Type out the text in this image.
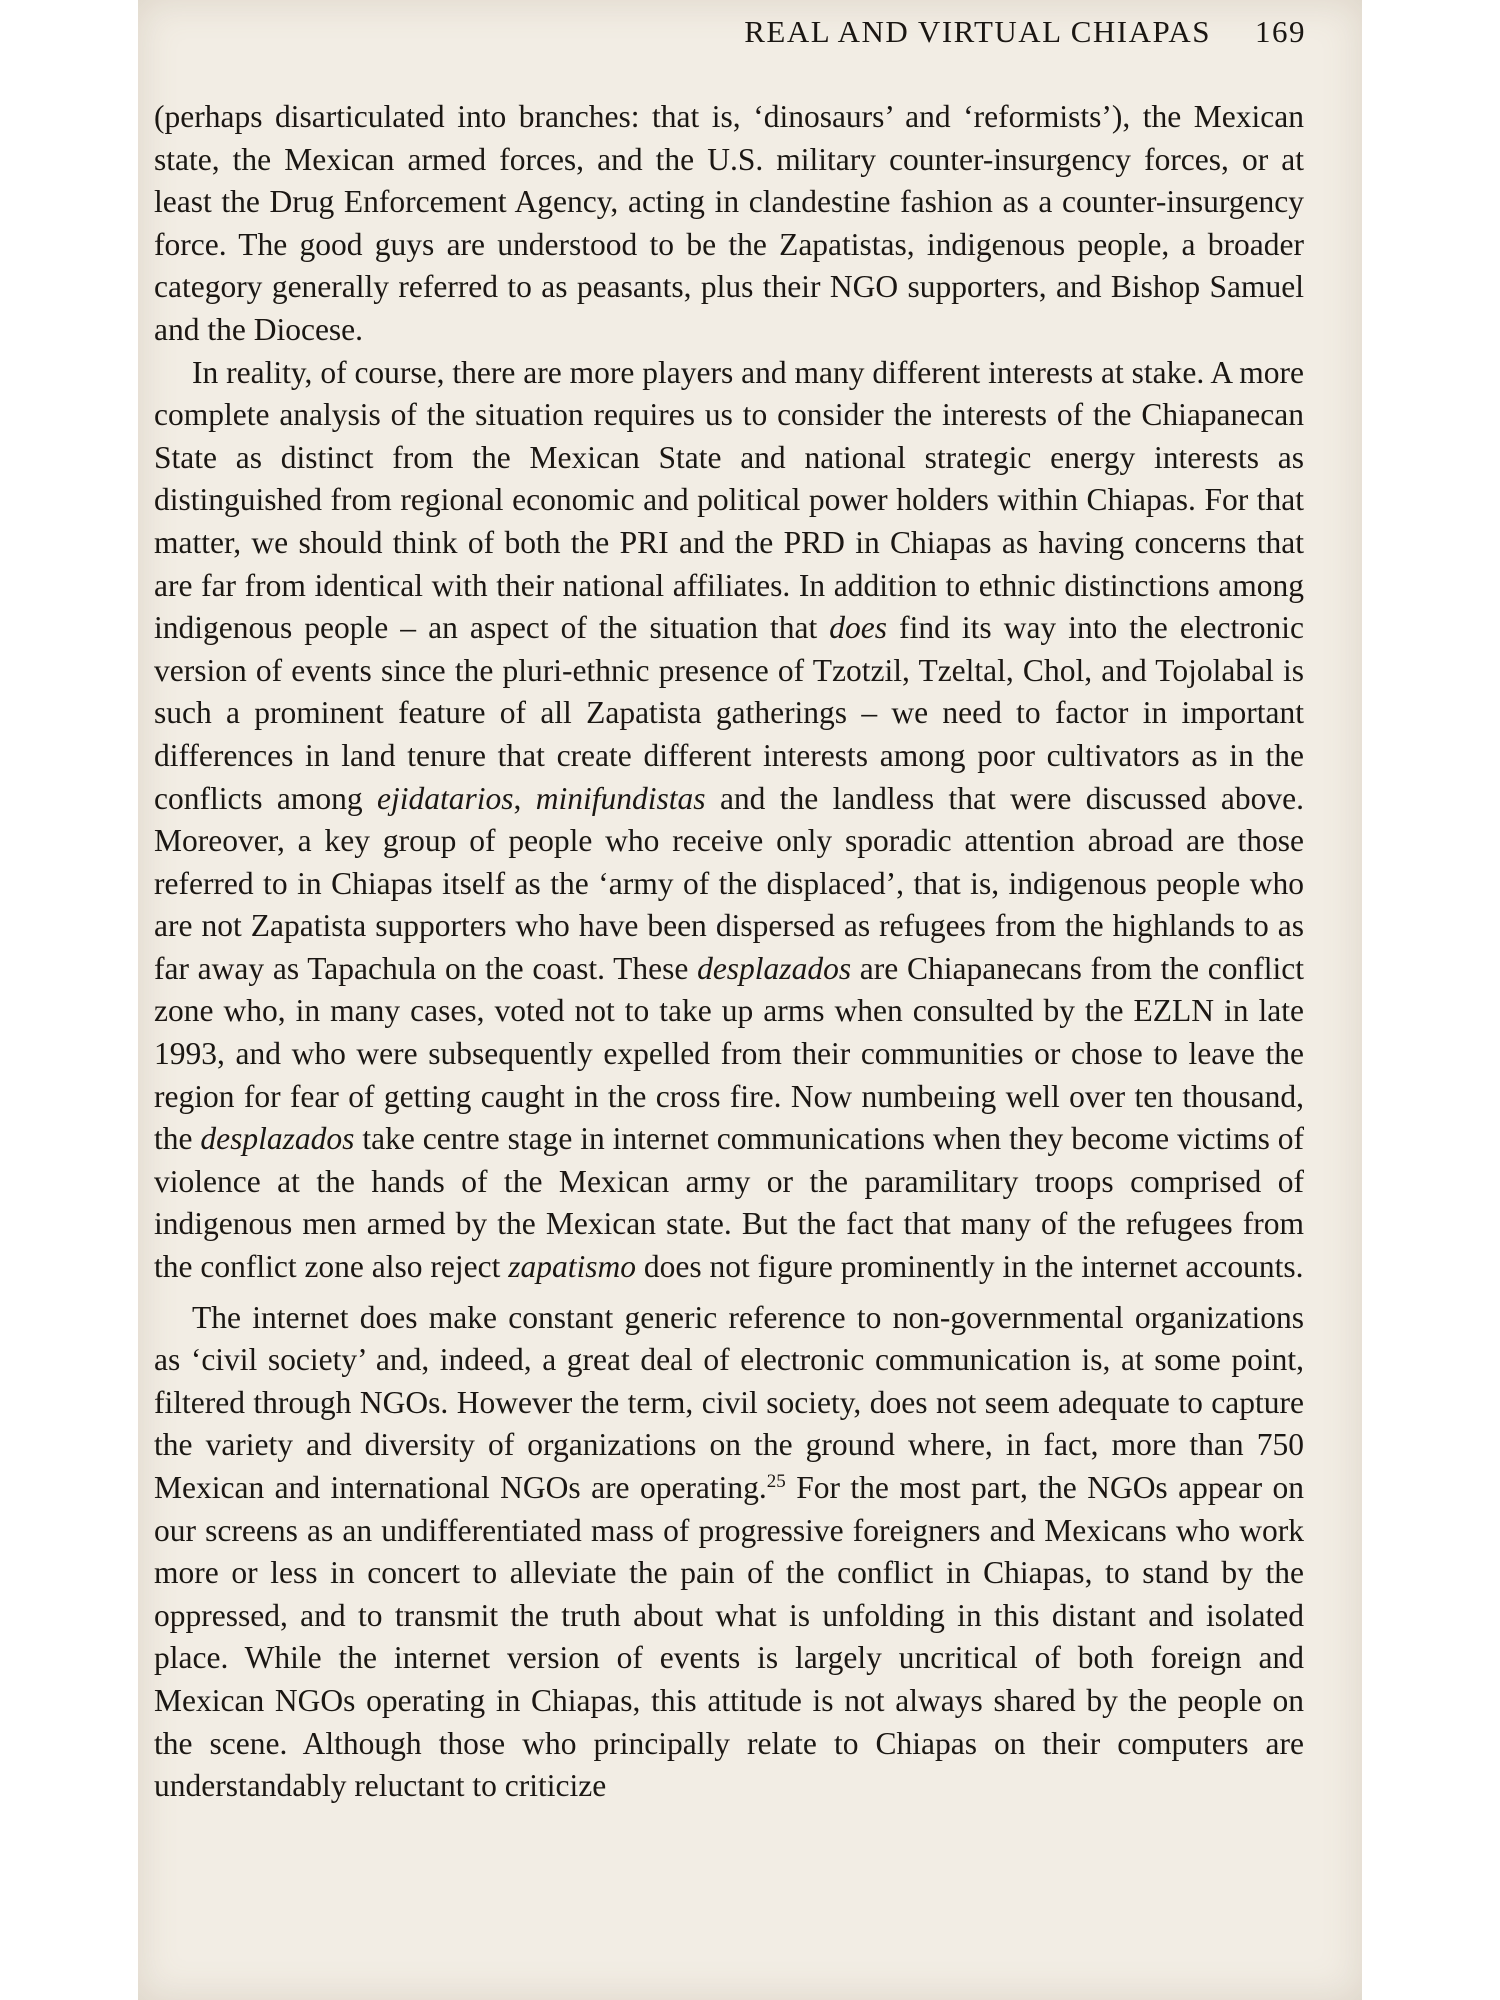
REAL AND VIRTUAL CHIAPAS 169

(perhaps disarticulated into branches: that is, ‘dinosaurs’ and ‘reformists’), the Mexican state, the Mexican armed forces, and the U.S. military counter-insurgency forces, or at least the Drug Enforcement Agency, acting in clandestine fashion as a counter-insurgency force. The good guys are understood to be the Zapatistas, indigenous people, a broader category generally referred to as peasants, plus their NGO supporters, and Bishop Samuel and the Diocese.

In reality, of course, there are more players and many different interests at stake. A more complete analysis of the situation requires us to consider the interests of the Chiapanecan State as distinct from the Mexican State and national strategic energy interests as distinguished from regional economic and political power holders within Chiapas. For that matter, we should think of both the PRI and the PRD in Chiapas as having concerns that are far from identical with their national affiliates. In addition to ethnic distinctions among indigenous people – an aspect of the situation that does find its way into the electronic version of events since the pluri-ethnic presence of Tzotzil, Tzeltal, Chol, and Tojolabal is such a prominent feature of all Zapatista gatherings – we need to factor in important differences in land tenure that create different interests among poor cultivators as in the conflicts among ejidatarios, minifundistas and the landless that were discussed above. Moreover, a key group of people who receive only sporadic attention abroad are those referred to in Chiapas itself as the ‘army of the displaced’, that is, indigenous people who are not Zapatista supporters who have been dispersed as refugees from the highlands to as far away as Tapachula on the coast. These desplazados are Chiapanecans from the conflict zone who, in many cases, voted not to take up arms when consulted by the EZLN in late 1993, and who were subsequently expelled from their communities or chose to leave the region for fear of getting caught in the cross fire. Now numbeıing well over ten thousand, the desplazados take centre stage in internet communications when they become victims of violence at the hands of the Mexican army or the paramilitary troops comprised of indigenous men armed by the Mexican state. But the fact that many of the refugees from the conflict zone also reject zapatismo does not figure prominently in the internet accounts.

The internet does make constant generic reference to non-governmental organizations as ‘civil society’ and, indeed, a great deal of electronic communication is, at some point, filtered through NGOs. However the term, civil society, does not seem adequate to capture the variety and diversity of organizations on the ground where, in fact, more than 750 Mexican and international NGOs are operating.$^{25}$ For the most part, the NGOs appear on our screens as an undifferentiated mass of progressive foreigners and Mexicans who work more or less in concert to alleviate the pain of the conflict in Chiapas, to stand by the oppressed, and to transmit the truth about what is unfolding in this distant and isolated place. While the internet version of events is largely uncritical of both foreign and Mexican NGOs operating in Chiapas, this attitude is not always shared by the people on the scene. Although those who principally relate to Chiapas on their computers are understandably reluctant to criticize
